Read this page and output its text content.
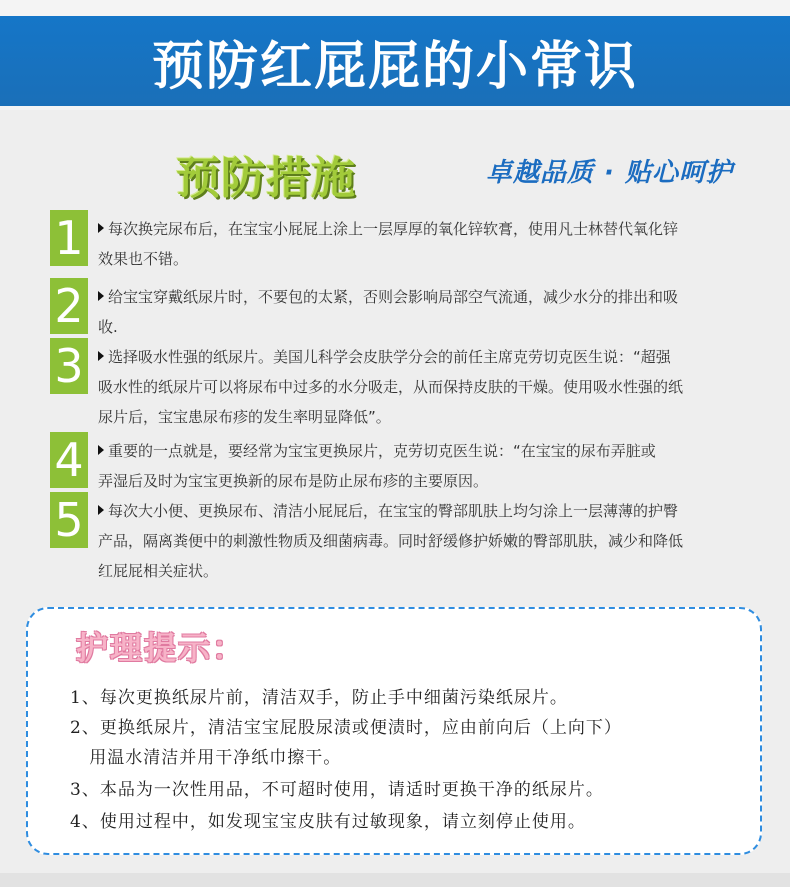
预防红屁屁的小常识
预防措施	卓越品质 · 贴心呵护
1	每次换完尿布后，在宝宝小屁屁上涂上一层厚厚的氧化锌软膏，使用凡士林替代氧化锌
效果也不错。
2	给宝宝穿戴纸尿片时，不要包的太紧，否则会影响局部空气流通，减少水分的排出和吸
收.
3	选择吸水性强的纸尿片。美国儿科学会皮肤学分会的前任主席克劳切克医生说：“超强
吸水性的纸尿片可以将尿布中过多的水分吸走，从而保持皮肤的干燥。使用吸水性强的纸
尿片后，宝宝患尿布疹的发生率明显降低”。
4	重要的一点就是，要经常为宝宝更换尿片，克劳切克医生说：“在宝宝的尿布弄脏或
弄湿后及时为宝宝更换新的尿布是防止尿布疹的主要原因。
5	每次大小便、更换尿布、清洁小屁屁后，在宝宝的臀部肌肤上均匀涂上一层薄薄的护臀
产品，隔离粪便中的刺激性物质及细菌病毒。同时舒缓修护娇嫩的臀部肌肤，减少和降低
红屁屁相关症状。
护理提示：
1、每次更换纸尿片前，清洁双手，防止手中细菌污染纸尿片。
2、更换纸尿片，清洁宝宝屁股尿渍或便渍时，应由前向后（上向下）
用温水清洁并用干净纸巾擦干。
3、本品为一次性用品，不可超时使用，请适时更换干净的纸尿片。
4、使用过程中，如发现宝宝皮肤有过敏现象，请立刻停止使用。
